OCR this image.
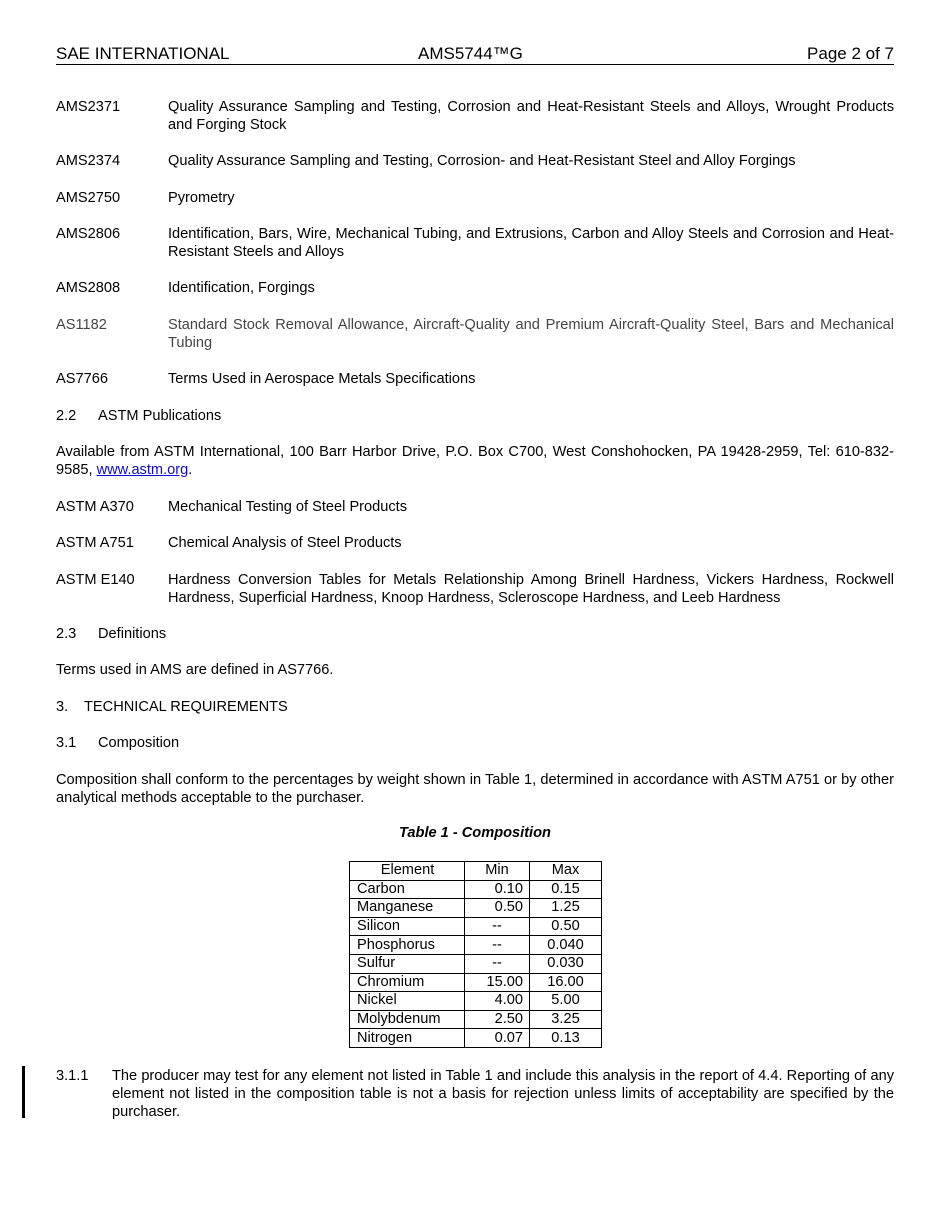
SAE INTERNATIONAL	AMS5744™G	Page 2 of 7
AMS2371	Quality Assurance Sampling and Testing, Corrosion and Heat-Resistant Steels and Alloys, Wrought Products and Forging Stock
AMS2374	Quality Assurance Sampling and Testing, Corrosion- and Heat-Resistant Steel and Alloy Forgings
AMS2750	Pyrometry
AMS2806	Identification, Bars, Wire, Mechanical Tubing, and Extrusions, Carbon and Alloy Steels and Corrosion and Heat-Resistant Steels and Alloys
AMS2808	Identification, Forgings
AS1182	Standard Stock Removal Allowance, Aircraft-Quality and Premium Aircraft-Quality Steel, Bars and Mechanical Tubing
AS7766	Terms Used in Aerospace Metals Specifications
2.2 ASTM Publications
Available from ASTM International, 100 Barr Harbor Drive, P.O. Box C700, West Conshohocken, PA 19428-2959, Tel: 610-832-9585, www.astm.org.
ASTM A370	Mechanical Testing of Steel Products
ASTM A751	Chemical Analysis of Steel Products
ASTM E140	Hardness Conversion Tables for Metals Relationship Among Brinell Hardness, Vickers Hardness, Rockwell Hardness, Superficial Hardness, Knoop Hardness, Scleroscope Hardness, and Leeb Hardness
2.3 Definitions
Terms used in AMS are defined in AS7766.
3. TECHNICAL REQUIREMENTS
3.1 Composition
Composition shall conform to the percentages by weight shown in Table 1, determined in accordance with ASTM A751 or by other analytical methods acceptable to the purchaser.
Table 1 - Composition
Element	Min	Max
Carbon	0.10	0.15
Manganese	0.50	1.25
Silicon	--	0.50
Phosphorus	--	0.040
Sulfur	--	0.030
Chromium	15.00	16.00
Nickel	4.00	5.00
Molybdenum	2.50	3.25
Nitrogen	0.07	0.13
3.1.1	The producer may test for any element not listed in Table 1 and include this analysis in the report of 4.4. Reporting of any element not listed in the composition table is not a basis for rejection unless limits of acceptability are specified by the purchaser.
